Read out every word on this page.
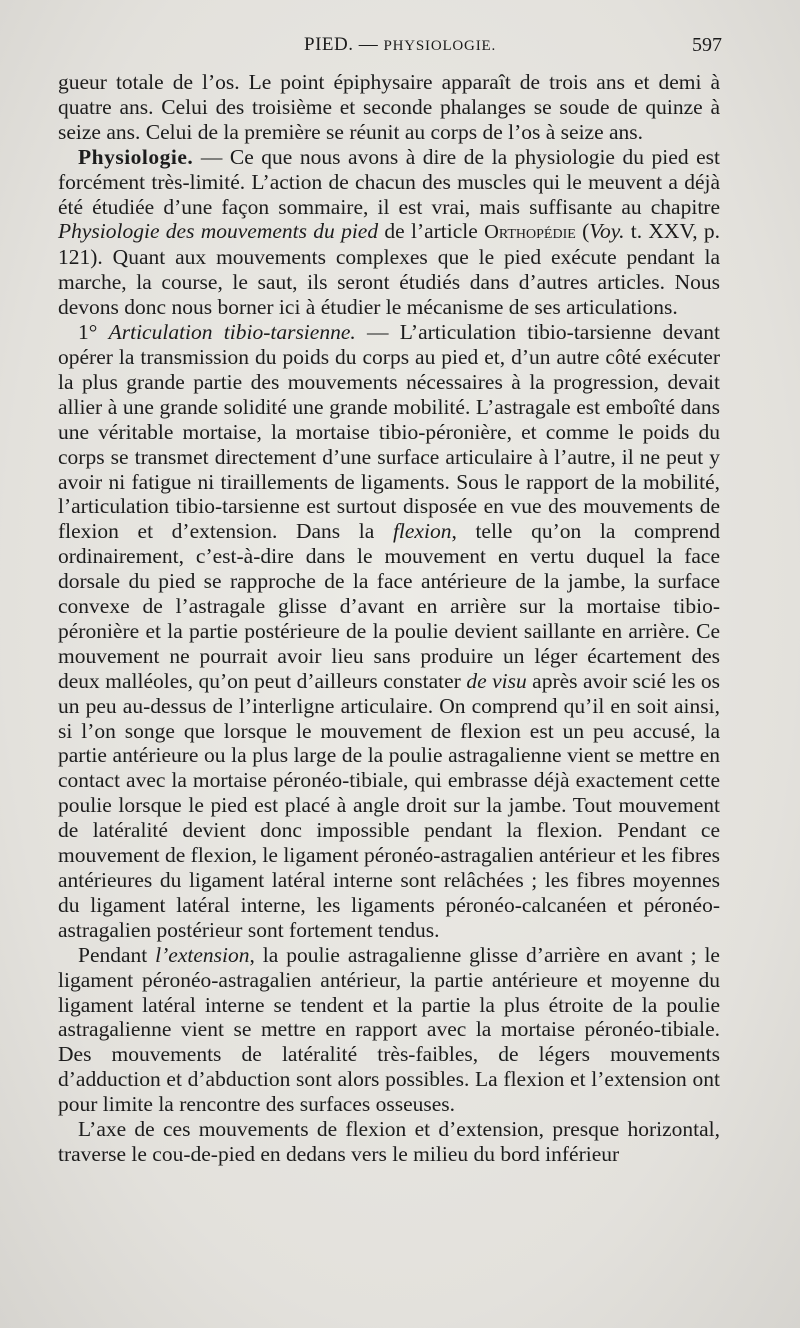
PIED. — PHYSIOLOGIE.	597

gueur totale de l’os. Le point épiphysaire apparaît de trois ans et demi à quatre ans. Celui des troisième et seconde phalanges se soude de quinze à seize ans. Celui de la première se réunit au corps de l’os à seize ans.

Physiologie. — Ce que nous avons à dire de la physiologie du pied est forcément très-limité. L’action de chacun des muscles qui le meuvent a déjà été étudiée d’une façon sommaire, il est vrai, mais suffisante au chapitre Physiologie des mouvements du pied de l’article Orthopédie (Voy. t. XXV, p. 121). Quant aux mouvements complexes que le pied exécute pendant la marche, la course, le saut, ils seront étudiés dans d’autres articles. Nous devons donc nous borner ici à étudier le mécanisme de ses articulations.

1° Articulation tibio-tarsienne. — L’articulation tibio-tarsienne devant opérer la transmission du poids du corps au pied et, d’un autre côté exécuter la plus grande partie des mouvements nécessaires à la progression, devait allier à une grande solidité une grande mobilité. L’astragale est emboîté dans une véritable mortaise, la mortaise tibio-péronière, et comme le poids du corps se transmet directement d’une surface articulaire à l’autre, il ne peut y avoir ni fatigue ni tiraillements de ligaments. Sous le rapport de la mobilité, l’articulation tibio-tarsienne est surtout disposée en vue des mouvements de flexion et d’extension. Dans la flexion, telle qu’on la comprend ordinairement, c’est-à-dire dans le mouvement en vertu duquel la face dorsale du pied se rapproche de la face antérieure de la jambe, la surface convexe de l’astragale glisse d’avant en arrière sur la mortaise tibio-péronière et la partie postérieure de la poulie devient saillante en arrière. Ce mouvement ne pourrait avoir lieu sans produire un léger écartement des deux malléoles, qu’on peut d’ailleurs constater de visu après avoir scié les os un peu au-dessus de l’interligne articulaire. On comprend qu’il en soit ainsi, si l’on songe que lorsque le mouvement de flexion est un peu accusé, la partie antérieure ou la plus large de la poulie astragalienne vient se mettre en contact avec la mortaise péronéo-tibiale, qui embrasse déjà exactement cette poulie lorsque le pied est placé à angle droit sur la jambe. Tout mouvement de latéralité devient donc impossible pendant la flexion. Pendant ce mouvement de flexion, le ligament péronéo-astragalien antérieur et les fibres antérieures du ligament latéral interne sont relâchées ; les fibres moyennes du ligament latéral interne, les ligaments péronéo-calcanéen et péronéo-astragalien postérieur sont fortement tendus.

Pendant l’extension, la poulie astragalienne glisse d’arrière en avant ; le ligament péronéo-astragalien antérieur, la partie antérieure et moyenne du ligament latéral interne se tendent et la partie la plus étroite de la poulie astragalienne vient se mettre en rapport avec la mortaise péronéo-tibiale. Des mouvements de latéralité très-faibles, de légers mouvements d’adduction et d’abduction sont alors possibles. La flexion et l’extension ont pour limite la rencontre des surfaces osseuses.

L’axe de ces mouvements de flexion et d’extension, presque horizontal, traverse le cou-de-pied en dedans vers le milieu du bord inférieur
